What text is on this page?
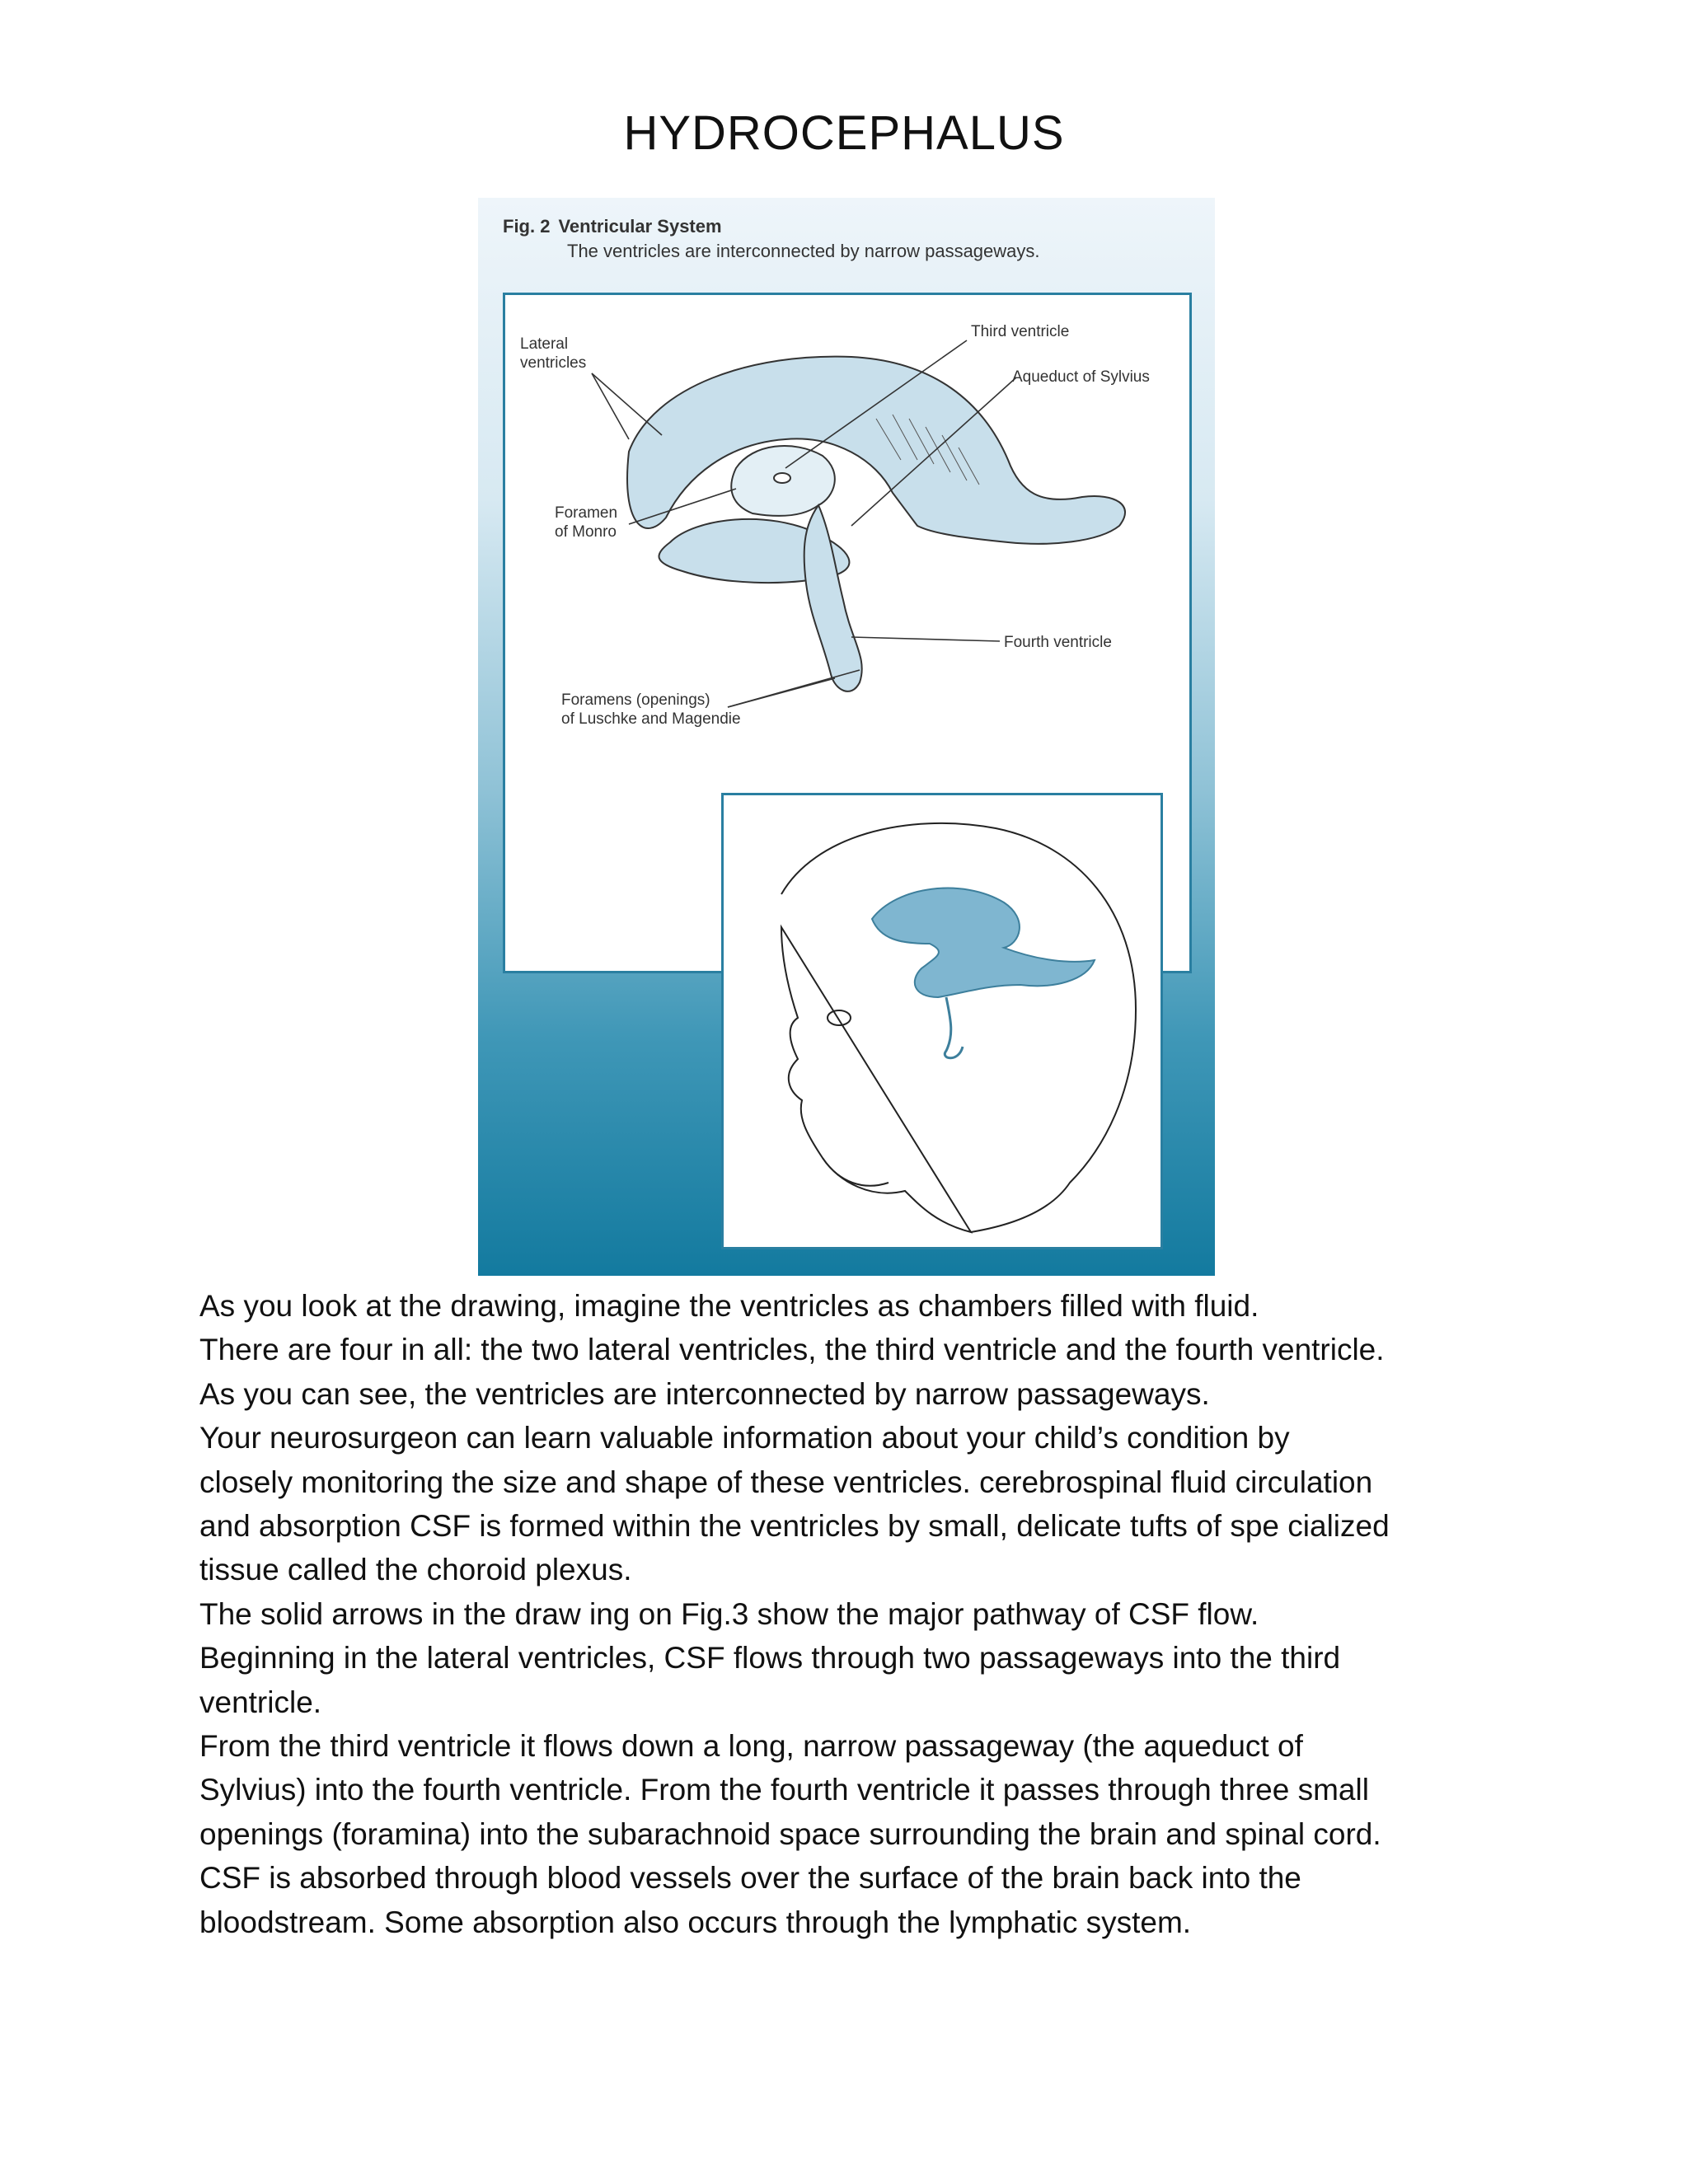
HYDROCEPHALUS
Fig. 2 Ventricular System
The ventricles are interconnected by narrow passageways.
Lateral
ventricles
Third ventricle
Aqueduct of Sylvius
Foramen
of Monro
Fourth ventricle
Foramens (openings)
of Luschke and Magendie

As you look at the drawing, imagine the ventricles as chambers filled with fluid.

There are four in all: the two lateral ventricles, the third ventricle and the fourth ventricle.

As you can see, the ventricles are interconnected by narrow passageways.

Your neurosurgeon can learn valuable information about your child’s condition by

closely monitoring the size and shape of these ventricles. cerebrospinal fluid circulation

and absorption CSF is formed within the ventricles by small, delicate tufts of spe cialized

tissue called the choroid plexus.

The solid arrows in the draw ing on Fig.3 show the major pathway of CSF flow.

Beginning in the lateral ventricles, CSF flows through two passageways into the third

ventricle.

From the third ventricle it flows down a long, narrow passageway (the aqueduct of

Sylvius) into the fourth ventricle. From the fourth ventricle it passes through three small

openings (foramina) into the subarachnoid space surrounding the brain and spinal cord.

CSF is absorbed through blood vessels over the surface of the brain back into the

bloodstream. Some absorption also occurs through the lymphatic system.
